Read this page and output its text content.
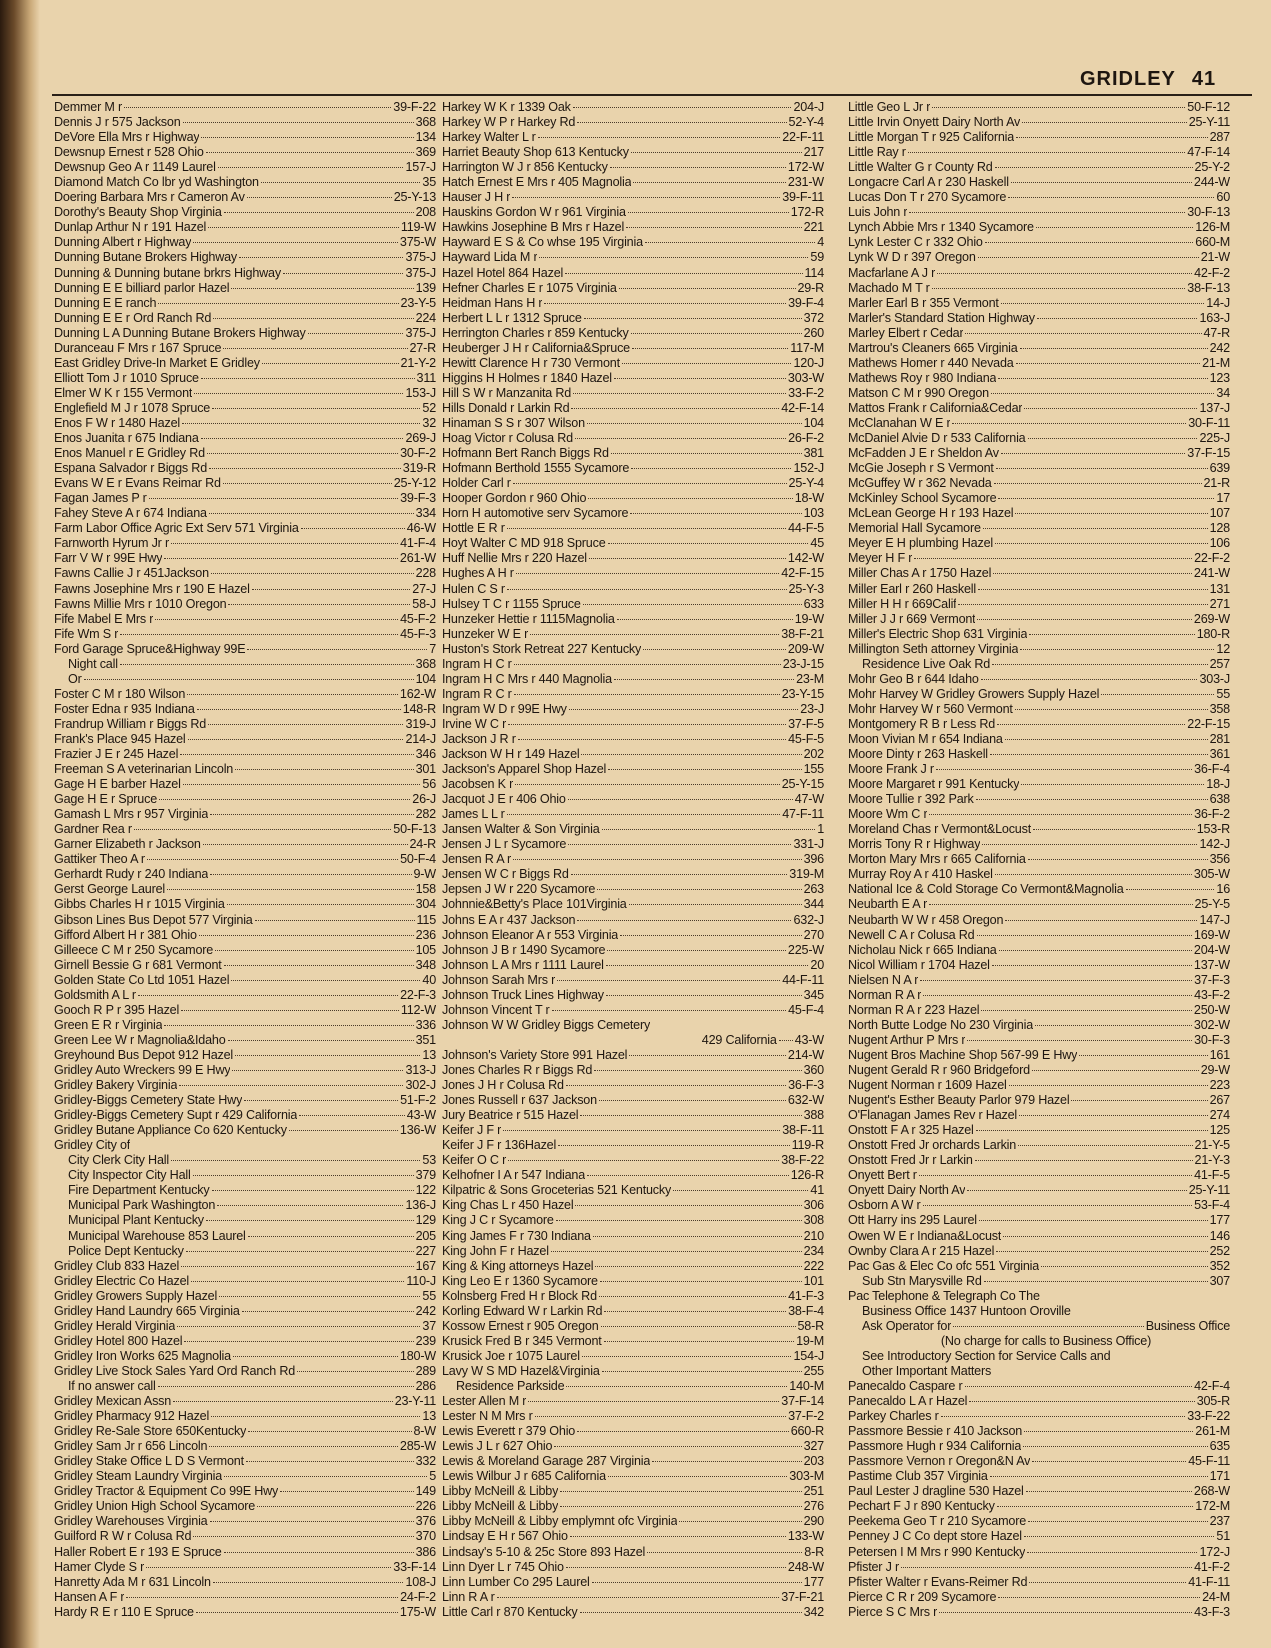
GRIDLEY 41
Demmer M r	39-F-22
Dennis J r 575 Jackson	368
DeVore Ella Mrs r Highway	134
Dewsnup Ernest r 528 Ohio	369
Dewsnup Geo A r 1149 Laurel	157-J
Diamond Match Co lbr yd Washington	35
Doering Barbara Mrs r Cameron Av	25-Y-13
Dorothy's Beauty Shop Virginia	208
Dunlap Arthur N r 191 Hazel	119-W
Dunning Albert r Highway	375-W
Dunning Butane Brokers Highway	375-J
Dunning & Dunning butane brkrs Highway	375-J
Dunning E E billiard parlor Hazel	139
Dunning E E ranch	23-Y-5
Dunning E E r Ord Ranch Rd	224
Dunning L A Dunning Butane Brokers Highway	375-J
Duranceau F Mrs r 167 Spruce	27-R
East Gridley Drive-In Market E Gridley	21-Y-2
Elliott Tom J r 1010 Spruce	311
Elmer W K r 155 Vermont	153-J
Englefield M J r 1078 Spruce	52
Enos F W r 1480 Hazel	32
Enos Juanita r 675 Indiana	269-J
Enos Manuel r E Gridley Rd	30-F-2
Espana Salvador r Biggs Rd	319-R
Evans W E r Evans Reimar Rd	25-Y-12
Fagan James P r	39-F-3
Fahey Steve A r 674 Indiana	334
Farm Labor Office Agric Ext Serv 571 Virginia	46-W
Farnworth Hyrum Jr r	41-F-4
Farr V W r 99E Hwy	261-W
Fawns Callie J r 451Jackson	228
Fawns Josephine Mrs r 190 E Hazel	27-J
Fawns Millie Mrs r 1010 Oregon	58-J
Fife Mabel E Mrs r	45-F-2
Fife Wm S r	45-F-3
Ford Garage Spruce&Highway 99E	7
Night call	368
Or	104
Foster C M r 180 Wilson	162-W
Foster Edna r 935 Indiana	148-R
Frandrup William r Biggs Rd	319-J
Frank's Place 945 Hazel	214-J
Frazier J E r 245 Hazel	346
Freeman S A veterinarian Lincoln	301
Gage H E barber Hazel	56
Gage H E r Spruce	26-J
Gamash L Mrs r 957 Virginia	282
Gardner Rea r	50-F-13
Garner Elizabeth r Jackson	24-R
Gattiker Theo A r	50-F-4
Gerhardt Rudy r 240 Indiana	9-W
Gerst George Laurel	158
Gibbs Charles H r 1015 Virginia	304
Gibson Lines Bus Depot 577 Virginia	115
Gifford Albert H r 381 Ohio	236
Gilleece C M r 250 Sycamore	105
Girnell Bessie G r 681 Vermont	348
Golden State Co Ltd 1051 Hazel	40
Goldsmith A L r	22-F-3
Gooch R P r 395 Hazel	112-W
Green E R r Virginia	336
Green Lee W r Magnolia&Idaho	351
Greyhound Bus Depot 912 Hazel	13
Gridley Auto Wreckers 99 E Hwy	313-J
Gridley Bakery Virginia	302-J
Gridley-Biggs Cemetery State Hwy	51-F-2
Gridley-Biggs Cemetery Supt r 429 California	43-W
Gridley Butane Appliance Co 620 Kentucky	136-W
Gridley City of
City Clerk City Hall	53
City Inspector City Hall	379
Fire Department Kentucky	122
Municipal Park Washington	136-J
Municipal Plant Kentucky	129
Municipal Warehouse 853 Laurel	205
Police Dept Kentucky	227
Gridley Club 833 Hazel	167
Gridley Electric Co Hazel	110-J
Gridley Growers Supply Hazel	55
Gridley Hand Laundry 665 Virginia	242
Gridley Herald Virginia	37
Gridley Hotel 800 Hazel	239
Gridley Iron Works 625 Magnolia	180-W
Gridley Live Stock Sales Yard Ord Ranch Rd	289
If no answer call	286
Gridley Mexican Assn	23-Y-11
Gridley Pharmacy 912 Hazel	13
Gridley Re-Sale Store 650Kentucky	8-W
Gridley Sam Jr r 656 Lincoln	285-W
Gridley Stake Office L D S Vermont	332
Gridley Steam Laundry Virginia	5
Gridley Tractor & Equipment Co 99E Hwy	149
Gridley Union High School Sycamore	226
Gridley Warehouses Virginia	376
Guilford R W r Colusa Rd	370
Haller Robert E r 193 E Spruce	386
Hamer Clyde S r	33-F-14
Hanretty Ada M r 631 Lincoln	108-J
Hansen A F r	24-F-2
Hardy R E r 110 E Spruce	175-W
Harkey W K r 1339 Oak	204-J
Harkey W P r Harkey Rd	52-Y-4
Harkey Walter L r	22-F-11
Harriet Beauty Shop 613 Kentucky	217
Harrington W J r 856 Kentucky	172-W
Hatch Ernest E Mrs r 405 Magnolia	231-W
Hauser J H r	39-F-11
Hauskins Gordon W r 961 Virginia	172-R
Hawkins Josephine B Mrs r Hazel	221
Hayward E S & Co whse 195 Virginia	4
Hayward Lida M r	59
Hazel Hotel 864 Hazel	114
Hefner Charles E r 1075 Virginia	29-R
Heidman Hans H r	39-F-4
Herbert L L r 1312 Spruce	372
Herrington Charles r 859 Kentucky	260
Heuberger J H r California&Spruce	117-M
Hewitt Clarence H r 730 Vermont	120-J
Higgins H Holmes r 1840 Hazel	303-W
Hill S W r Manzanita Rd	33-F-2
Hills Donald r Larkin Rd	42-F-14
Hinaman S S r 307 Wilson	104
Hoag Victor r Colusa Rd	26-F-2
Hofmann Bert Ranch Biggs Rd	381
Hofmann Berthold 1555 Sycamore	152-J
Holder Carl r	25-Y-4
Hooper Gordon r 960 Ohio	18-W
Horn H automotive serv Sycamore	103
Hottle E R r	44-F-5
Hoyt Walter C MD 918 Spruce	45
Huff Nellie Mrs r 220 Hazel	142-W
Hughes A H r	42-F-15
Hulen C S r	25-Y-3
Hulsey T C r 1155 Spruce	633
Hunzeker Hettie r 1115Magnolia	19-W
Hunzeker W E r	38-F-21
Huston's Stork Retreat 227 Kentucky	209-W
Ingram H C r	23-J-15
Ingram H C Mrs r 440 Magnolia	23-M
Ingram R C r	23-Y-15
Ingram W D r 99E Hwy	23-J
Irvine W C r	37-F-5
Jackson J R r	45-F-5
Jackson W H r 149 Hazel	202
Jackson's Apparel Shop Hazel	155
Jacobsen K r	25-Y-15
Jacquot J E r 406 Ohio	47-W
James L L r	47-F-11
Jansen Walter & Son Virginia	1
Jensen J L r Sycamore	331-J
Jensen R A r	396
Jensen W C r Biggs Rd	319-M
Jepsen J W r 220 Sycamore	263
Johnnie&Betty's Place 101Virginia	344
Johns E A r 437 Jackson	632-J
Johnson Eleanor A r 553 Virginia	270
Johnson J B r 1490 Sycamore	225-W
Johnson L A Mrs r 1111 Laurel	20
Johnson Sarah Mrs r	44-F-11
Johnson Truck Lines Highway	345
Johnson Vincent T r	45-F-4
Johnson W W Gridley Biggs Cemetery
429 California 43-W
Johnson's Variety Store 991 Hazel	214-W
Jones Charles R r Biggs Rd	360
Jones J H r Colusa Rd	36-F-3
Jones Russell r 637 Jackson	632-W
Jury Beatrice r 515 Hazel	388
Keifer J F r	38-F-11
Keifer J F r 136Hazel	119-R
Keifer O C r	38-F-22
Kelhofner I A r 547 Indiana	126-R
Kilpatric & Sons Groceterias 521 Kentucky	41
King Chas L r 450 Hazel	306
King J C r Sycamore	308
King James F r 730 Indiana	210
King John F r Hazel	234
King & King attorneys Hazel	222
King Leo E r 1360 Sycamore	101
Kolnsberg Fred H r Block Rd	41-F-3
Korling Edward W r Larkin Rd	38-F-4
Kossow Ernest r 905 Oregon	58-R
Krusick Fred B r 345 Vermont	19-M
Krusick Joe r 1075 Laurel	154-J
Lavy W S MD Hazel&Virginia	255
Residence Parkside	140-M
Lester Allen M r	37-F-14
Lester N M Mrs r	37-F-2
Lewis Everett r 379 Ohio	660-R
Lewis J L r 627 Ohio	327
Lewis & Moreland Garage 287 Virginia	203
Lewis Wilbur J r 685 California	303-M
Libby McNeill & Libby	251
Libby McNeill & Libby	276
Libby McNeill & Libby emplymnt ofc Virginia	290
Lindsay E H r 567 Ohio	133-W
Lindsay's 5-10 & 25c Store 893 Hazel	8-R
Linn Dyer L r 745 Ohio	248-W
Linn Lumber Co 295 Laurel	177
Linn R A r	37-F-21
Little Carl r 870 Kentucky	342
Little Geo L Jr r	50-F-12
Little Irvin Onyett Dairy North Av	25-Y-11
Little Morgan T r 925 California	287
Little Ray r	47-F-14
Little Walter G r County Rd	25-Y-2
Longacre Carl A r 230 Haskell	244-W
Lucas Don T r 270 Sycamore	60
Luis John r	30-F-13
Lynch Abbie Mrs r 1340 Sycamore	126-M
Lynk Lester C r 332 Ohio	660-M
Lynk W D r 397 Oregon	21-W
Macfarlane A J r	42-F-2
Machado M T r	38-F-13
Marler Earl B r 355 Vermont	14-J
Marler's Standard Station Highway	163-J
Marley Elbert r Cedar	47-R
Martrou's Cleaners 665 Virginia	242
Mathews Homer r 440 Nevada	21-M
Mathews Roy r 980 Indiana	123
Matson C M r 990 Oregon	34
Mattos Frank r California&Cedar	137-J
McClanahan W E r	30-F-11
McDaniel Alvie D r 533 California	225-J
McFadden J E r Sheldon Av	37-F-15
McGie Joseph r S Vermont	639
McGuffey W r 362 Nevada	21-R
McKinley School Sycamore	17
McLean George H r 193 Hazel	107
Memorial Hall Sycamore	128
Meyer E H plumbing Hazel	106
Meyer H F r	22-F-2
Miller Chas A r 1750 Hazel	241-W
Miller Earl r 260 Haskell	131
Miller H H r 669Calif	271
Miller J J r 669 Vermont	269-W
Miller's Electric Shop 631 Virginia	180-R
Millington Seth attorney Virginia	12
Residence Live Oak Rd	257
Mohr Geo B r 644 Idaho	303-J
Mohr Harvey W Gridley Growers Supply Hazel	55
Mohr Harvey W r 560 Vermont	358
Montgomery R B r Less Rd	22-F-15
Moon Vivian M r 654 Indiana	281
Moore Dinty r 263 Haskell	361
Moore Frank J r	36-F-4
Moore Margaret r 991 Kentucky	18-J
Moore Tullie r 392 Park	638
Moore Wm C r	36-F-2
Moreland Chas r Vermont&Locust	153-R
Morris Tony R r Highway	142-J
Morton Mary Mrs r 665 California	356
Murray Roy A r 410 Haskel	305-W
National Ice & Cold Storage Co Vermont&Magnolia	16
Neubarth E A r	25-Y-5
Neubarth W W r 458 Oregon	147-J
Newell C A r Colusa Rd	169-W
Nicholau Nick r 665 Indiana	204-W
Nicol William r 1704 Hazel	137-W
Nielsen N A r	37-F-3
Norman R A r	43-F-2
Norman R A r 223 Hazel	250-W
North Butte Lodge No 230 Virginia	302-W
Nugent Arthur P Mrs r	30-F-3
Nugent Bros Machine Shop 567-99 E Hwy	161
Nugent Gerald R r 960 Bridgeford	29-W
Nugent Norman r 1609 Hazel	223
Nugent's Esther Beauty Parlor 979 Hazel	267
O'Flanagan James Rev r Hazel	274
Onstott F A r 325 Hazel	125
Onstott Fred Jr orchards Larkin	21-Y-5
Onstott Fred Jr r Larkin	21-Y-3
Onyett Bert r	41-F-5
Onyett Dairy North Av	25-Y-11
Osborn A W r	53-F-4
Ott Harry ins 295 Laurel	177
Owen W E r Indiana&Locust	146
Ownby Clara A r 215 Hazel	252
Pac Gas & Elec Co ofc 551 Virginia	352
Sub Stn Marysville Rd	307
Pac Telephone & Telegraph Co The
Business Office 1437 Huntoon Oroville
Ask Operator for	Business Office
(No charge for calls to Business Office)
See Introductory Section for Service Calls and
Other Important Matters
Panecaldo Caspare r	42-F-4
Panecaldo L A r Hazel	305-R
Parkey Charles r	33-F-22
Passmore Bessie r 410 Jackson	261-M
Passmore Hugh r 934 California	635
Passmore Vernon r Oregon&N Av	45-F-11
Pastime Club 357 Virginia	171
Paul Lester J dragline 530 Hazel	268-W
Pechart F J r 890 Kentucky	172-M
Peekema Geo T r 210 Sycamore	237
Penney J C Co dept store Hazel	51
Petersen I M Mrs r 990 Kentucky	172-J
Pfister J r	41-F-2
Pfister Walter r Evans-Reimer Rd	41-F-11
Pierce C R r 209 Sycamore	24-M
Pierce S C Mrs r	43-F-3
